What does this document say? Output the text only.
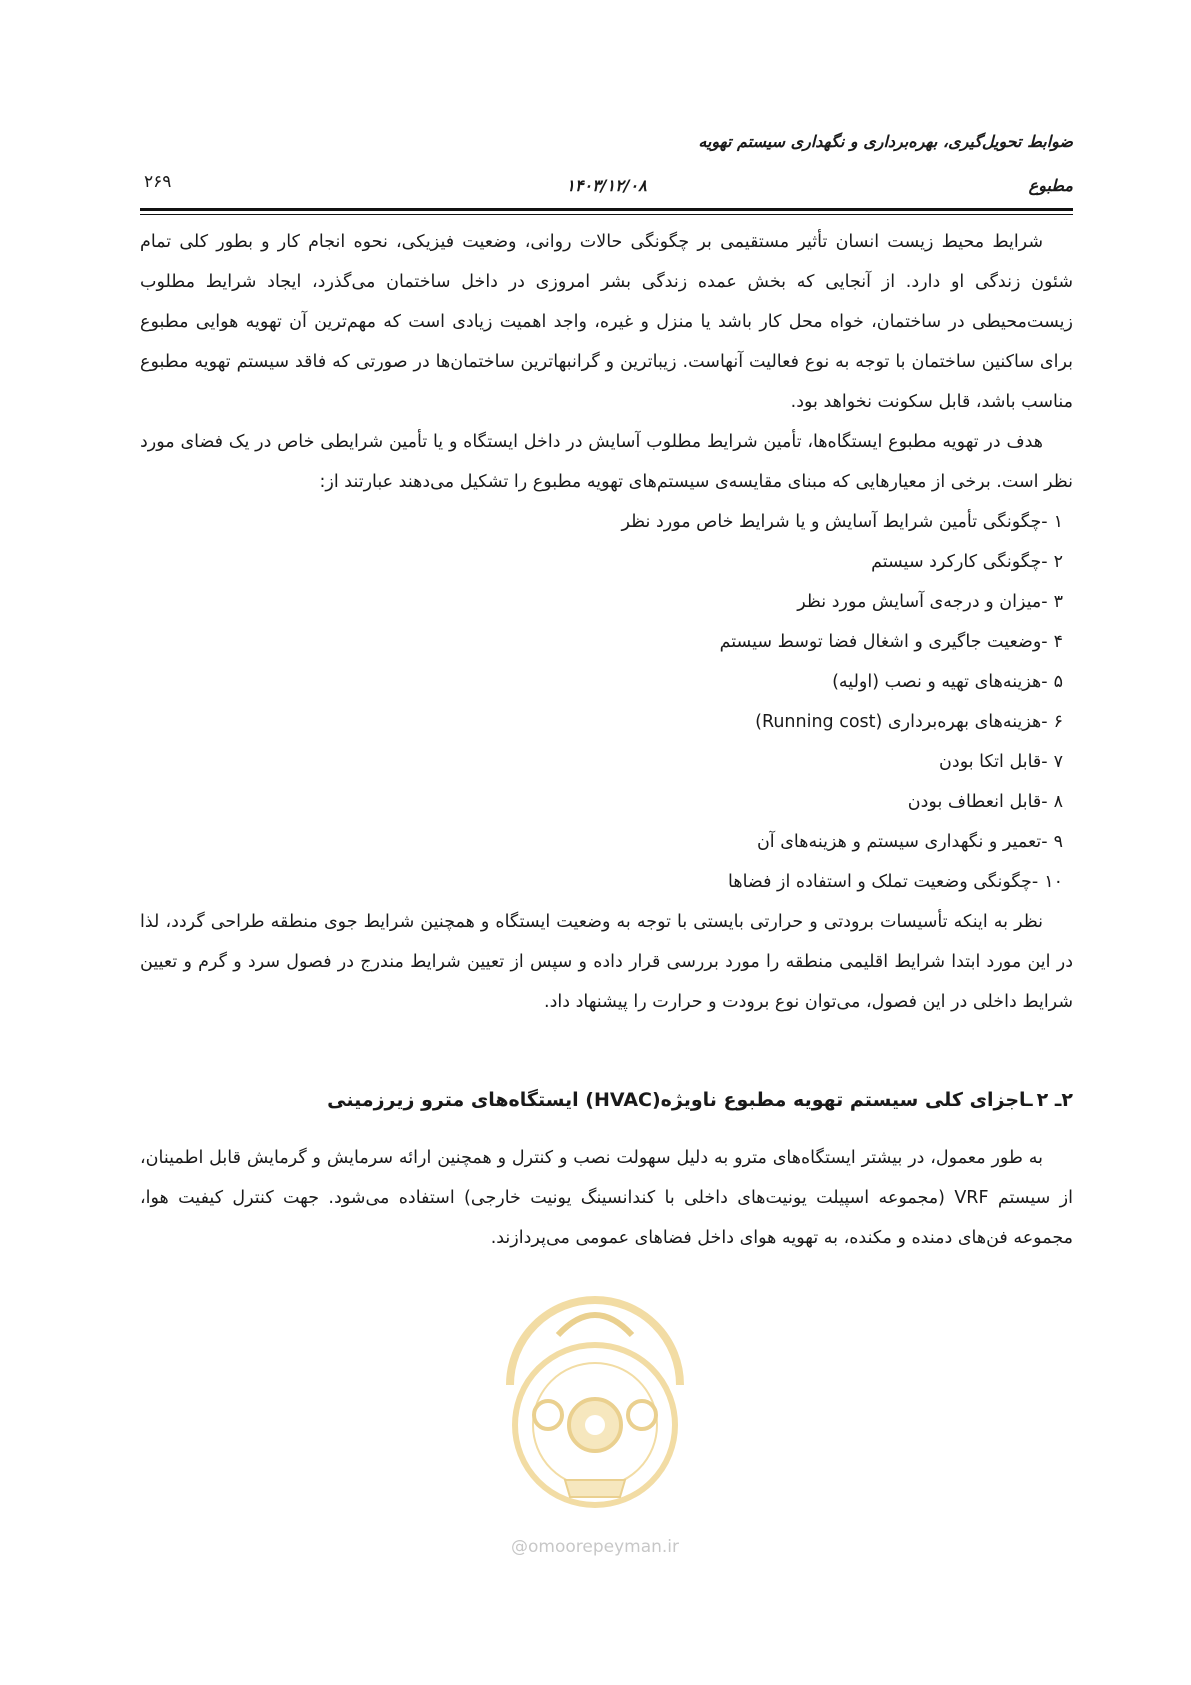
ضوابط تحویل‌گیری، بهره‌برداری و نگهداری سیستم تهویه
مطبوع
۱۴۰۳/۱۲/۰۸
۲۶۹

شرایط محیط زیست انسان تأثیر مستقیمی بر چگونگی حالات روانی، وضعیت فیزیکی، نحوه انجام کار و بطور کلی تمام شئون زندگی او دارد. از آنجایی که بخش عمده زندگی بشر امروزی در داخل ساختمان می‌گذرد، ایجاد شرایط مطلوب زیست‌محیطی در ساختمان، خواه محل کار باشد یا منزل و غیره، واجد اهمیت زیادی است که مهم‌ترین آن تهویه هوایی مطبوع برای ساکنین ساختمان با توجه به نوع فعالیت آنهاست. زیباترین و گرانبهاترین ساختمان‌ها در صورتی که فاقد سیستم تهویه مطبوع مناسب باشد، قابل سکونت نخواهد بود.

هدف در تهویه مطبوع ایستگاه‌ها، تأمین شرایط مطلوب آسایش در داخل ایستگاه و یا تأمین شرایطی خاص در یک فضای مورد نظر است. برخی از معیارهایی که مبنای مقایسه‌ی سیستم‌های تهویه مطبوع را تشکیل می‌دهند عبارتند از:

۱-چگونگی تأمین شرایط آسایش و یا شرایط خاص مورد نظر
۲-چگونگی کارکرد سیستم
۳-میزان و درجه‌ی آسایش مورد نظر
۴-وضعیت جاگیری و اشغال فضا توسط سیستم
۵-هزینه‌های تهیه و نصب (اولیه)
۶-هزینه‌های بهره‌برداری (Running cost)
۷-قابل اتکا بودن
۸-قابل انعطاف بودن
۹-تعمیر و نگهداری سیستم و هزینه‌های آن
۱۰-چگونگی وضعیت تملک و استفاده از فضاها

نظر به اینکه تأسیسات برودتی و حرارتی بایستی با توجه به وضعیت ایستگاه و همچنین شرایط جوی منطقه طراحی گردد، لذا در این مورد ابتدا شرایط اقلیمی منطقه را مورد بررسی قرار داده و سپس از تعیین شرایط مندرج در فصول سرد و گرم و تعیین شرایط داخلی در این فصول، می‌توان نوع برودت و حرارت را پیشنهاد داد.

۲ـ ۲ـاجزای کلی سیستم تهویه مطبوع ناویژه(HVAC) ایستگاه‌های مترو زیرزمینی

به طور معمول، در بیشتر ایستگاه‌های مترو به دلیل سهولت نصب و کنترل و همچنین ارائه سرمایش و گرمایش قابل اطمینان، از سیستم VRF (مجموعه اسپیلت یونیت‌های داخلی با کندانسینگ یونیت خارجی) استفاده می‌شود. جهت کنترل کیفیت هوا، مجموعه فن‌های دمنده و مکنده، به تهویه هوای داخل فضاهای عمومی می‌پردازند.

@omoorepeyman.ir
